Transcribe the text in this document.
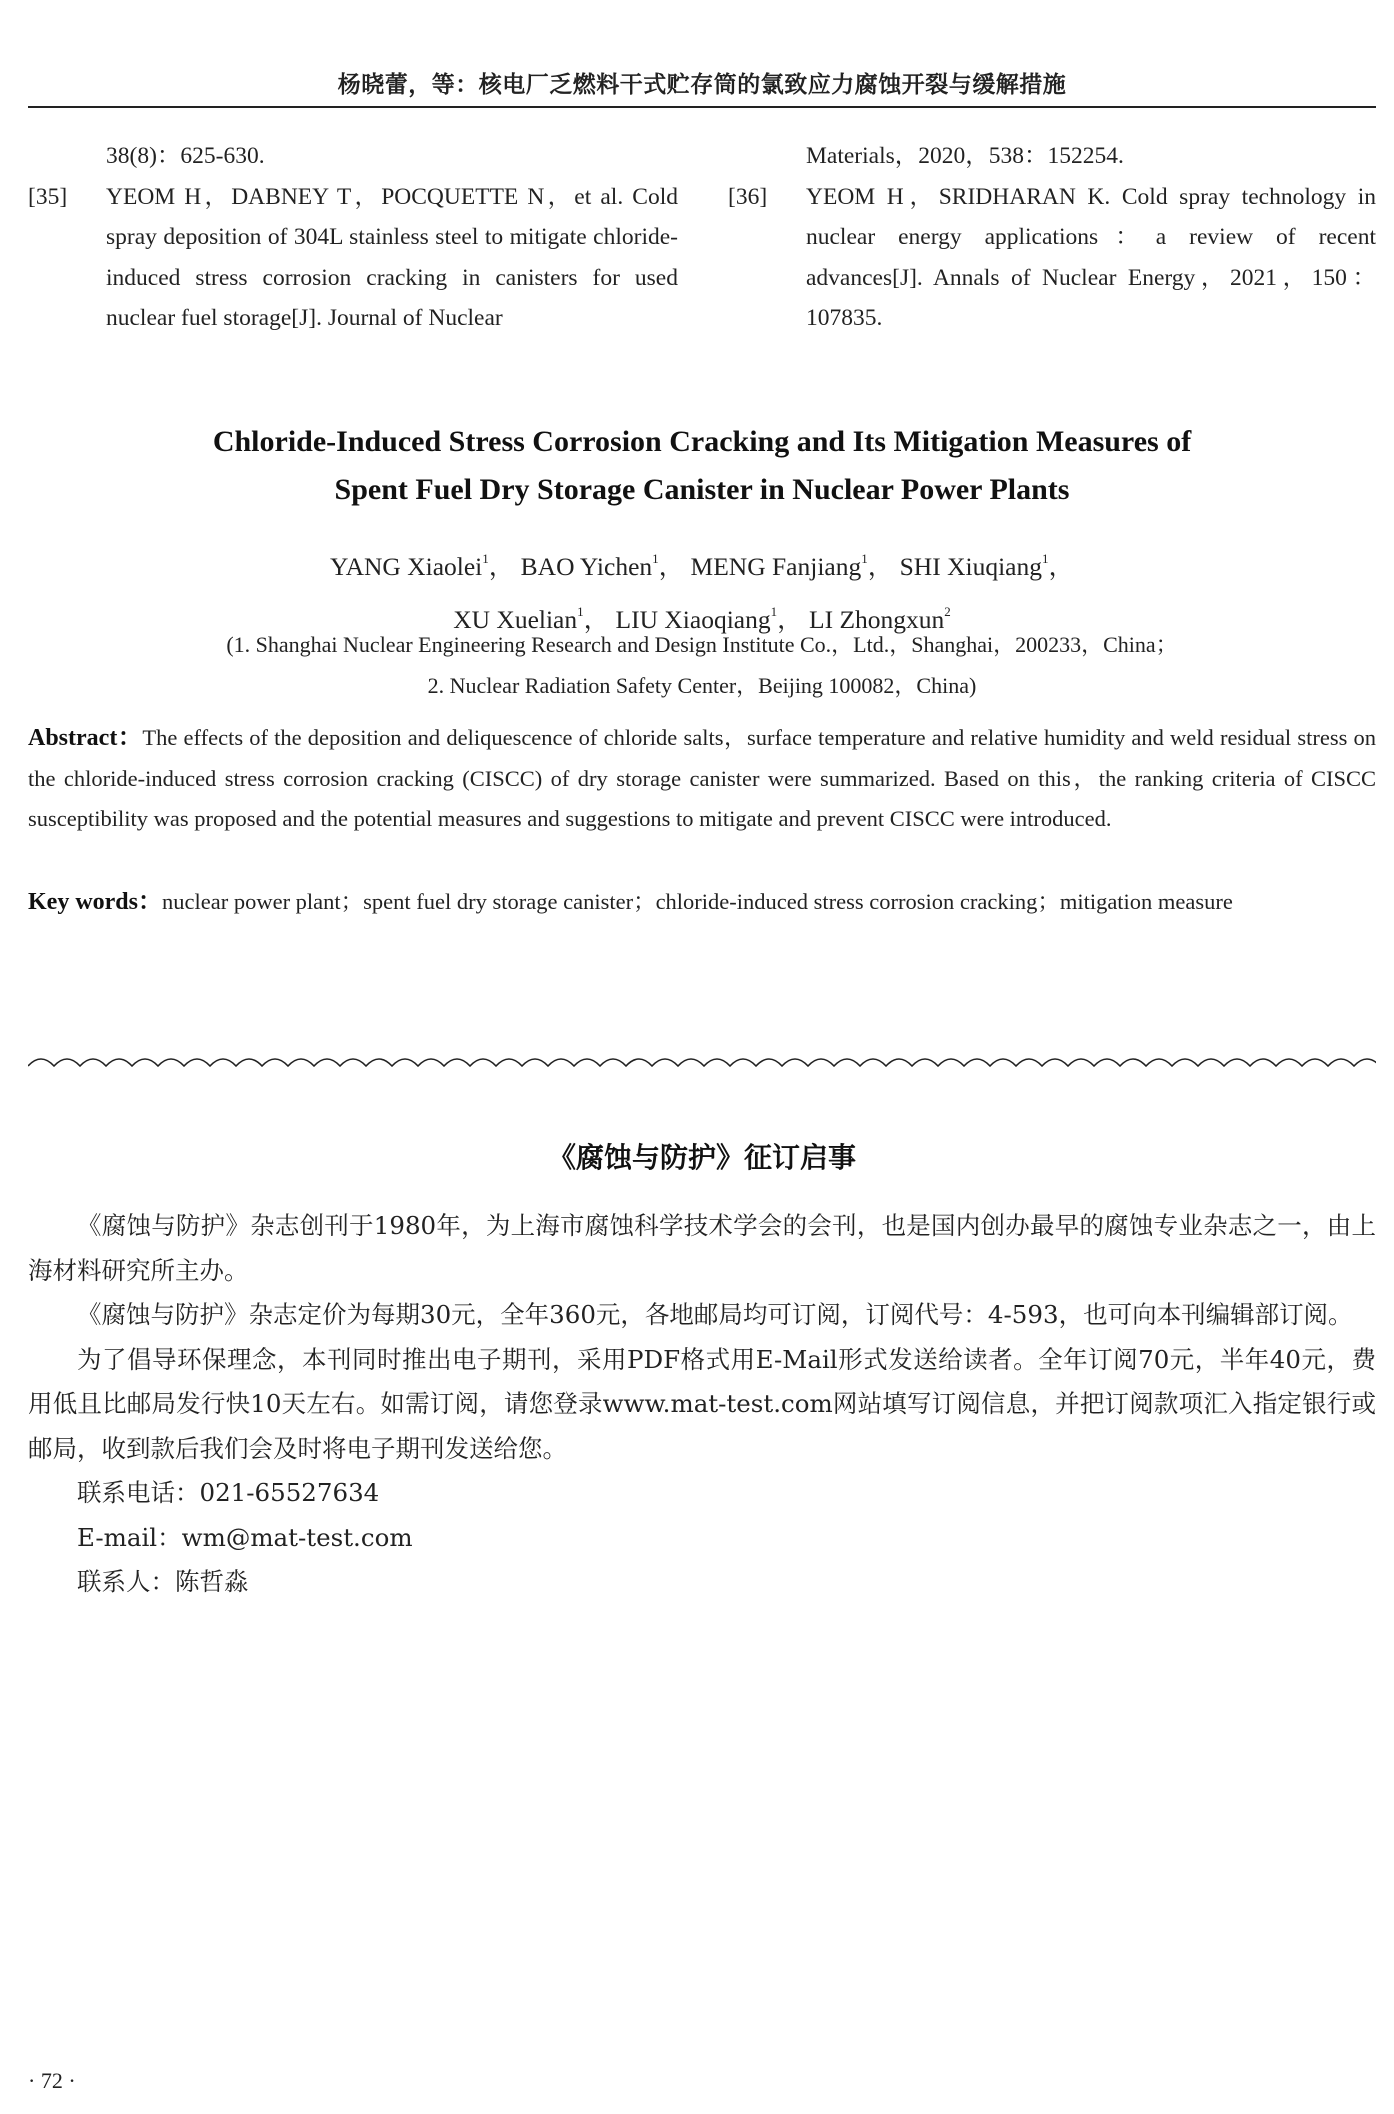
杨晓蕾，等：核电厂乏燃料干式贮存筒的氯致应力腐蚀开裂与缓解措施
38(8)：625-630.
[35] YEOM H，DABNEY T，POCQUETTE N，et al. Cold spray deposition of 304L stainless steel to mitigate chloride-induced stress corrosion cracking in canisters for used nuclear fuel storage[J]. Journal of Nuclear
Materials，2020，538：152254.
[36] YEOM H，SRIDHARAN K. Cold spray technology in nuclear energy applications：a review of recent advances[J]. Annals of Nuclear Energy，2021，150：107835.
Chloride-Induced Stress Corrosion Cracking and Its Mitigation Measures of
Spent Fuel Dry Storage Canister in Nuclear Power Plants
YANG Xiaolei$^1$， BAO Yichen$^1$， MENG Fanjiang$^1$， SHI Xiuqiang$^1$，
XU Xuelian$^1$， LIU Xiaoqiang$^1$， LI Zhongxun$^2$
(1. Shanghai Nuclear Engineering Research and Design Institute Co.，Ltd.，Shanghai，200233，China；
2. Nuclear Radiation Safety Center，Beijing 100082，China)
Abstract：The effects of the deposition and deliquescence of chloride salts，surface temperature and relative humidity and weld residual stress on the chloride-induced stress corrosion cracking (CISCC) of dry storage canister were summarized. Based on this，the ranking criteria of CISCC susceptibility was proposed and the potential measures and suggestions to mitigate and prevent CISCC were introduced.
Key words：nuclear power plant；spent fuel dry storage canister；chloride-induced stress corrosion cracking；mitigation measure
《腐蚀与防护》征订启事

《腐蚀与防护》杂志创刊于1980年，为上海市腐蚀科学技术学会的会刊，也是国内创办最早的腐蚀专业杂志之一，由上海材料研究所主办。

《腐蚀与防护》杂志定价为每期30元，全年360元，各地邮局均可订阅，订阅代号：4-593，也可向本刊编辑部订阅。

为了倡导环保理念，本刊同时推出电子期刊，采用PDF格式用E-Mail形式发送给读者。全年订阅70元，半年40元，费用低且比邮局发行快10天左右。如需订阅，请您登录www.mat-test.com网站填写订阅信息，并把订阅款项汇入指定银行或邮局，收到款后我们会及时将电子期刊发送给您。

联系电话：021-65527634

E-mail：wm@mat-test.com

联系人：陈哲淼

· 72 ·
